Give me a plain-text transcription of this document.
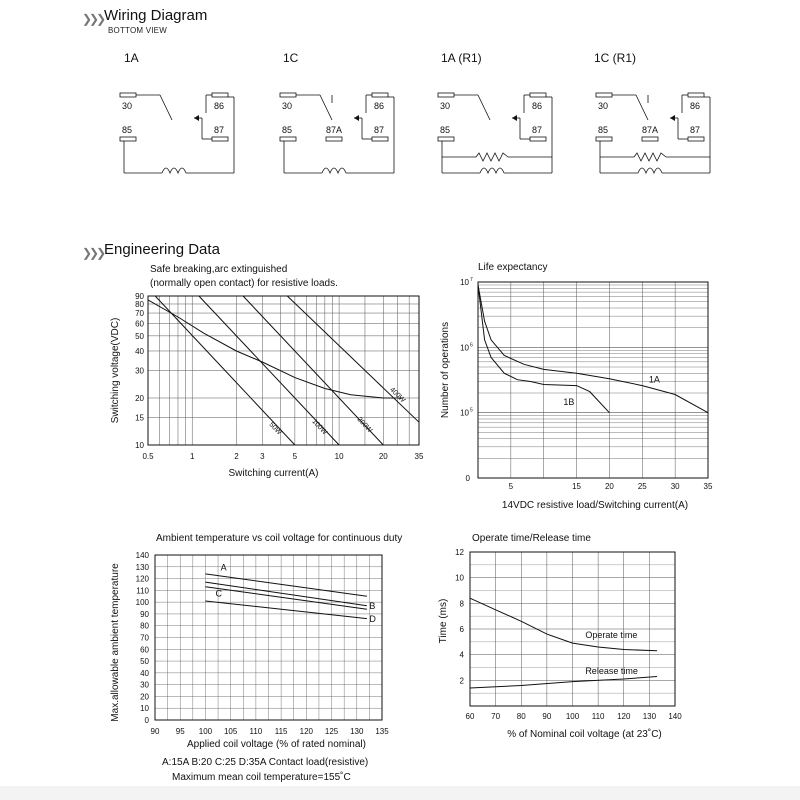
❯❯❯ Wiring Diagram
BOTTOM VIEW
1A	1C	1A (R1)	1C (R1)
30	86
85	87
30	86
85	87A	87
30	86
85	87
30	86
85	87A	87
❯❯❯ Engineering Data
Safe breaking,arc extinguished
(normally open contact) for resistive loads.
0.5	1	2	3	5	10	20	35
10
15
20
30
40
50
60
70
80
90
Switching current(A)
Switching voltage(VDC)
50W	100W	200W
400W
Life expectancy
5	15	20	25	30	35
0
10 5
10 6
10 7
14VDC resistive load/Switching current(A)
Number of operations	1A
1B
Ambient temperature vs coil voltage for continuous duty
90 95 100 105 110 115 120 125 130 135
0
10
20
30
40
50
60
70
80
90
100
110
120
130
140
Applied coil voltage (% of rated nominal)
Max.allowable ambient temperature	A
B
C
D
A:15A B:20 C:25 D:35A Contact load(resistive)
Maximum mean coil temperature=155˚C
Operate time/Release time
60 70 80 90 100 110 120 130 140
2
4
6
8
10
12
% of Nominal coil voltage (at 23˚C)
Time (ms)	Operate time
Release time
